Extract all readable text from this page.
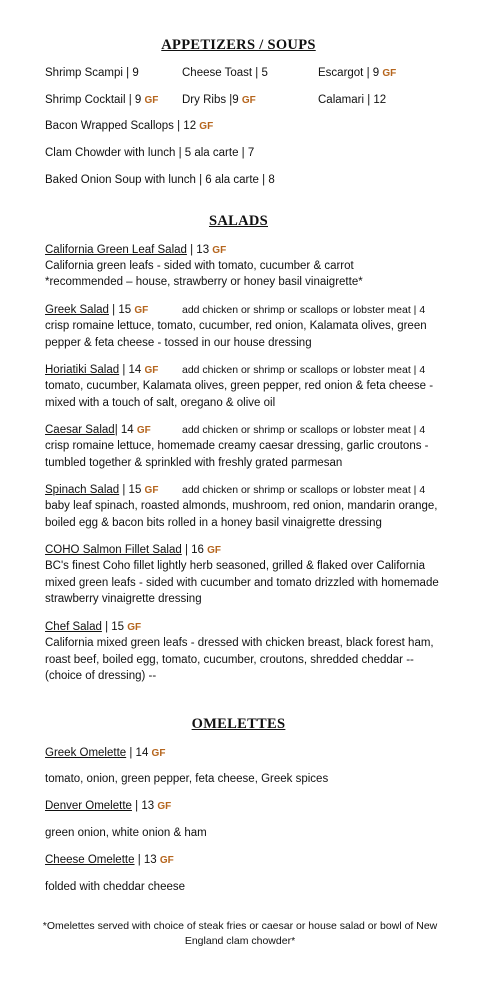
APPETIZERS / SOUPS
Shrimp Scampi | 9	Cheese Toast | 5	Escargot | 9 GF
Shrimp Cocktail | 9 GF Dry Ribs |9 GF	Calamari | 12
Bacon Wrapped Scallops | 12 GF
Clam Chowder with lunch | 5 ala carte | 7
Baked Onion Soup with lunch | 6 ala carte | 8
SALADS
California Green Leaf Salad | 13 GF
California green leafs - sided with tomato, cucumber & carrot
*recommended – house, strawberry or honey basil vinaigrette*
Greek Salad | 15 GF	add chicken or shrimp or scallops or lobster meat | 4
crisp romaine lettuce, tomato, cucumber, red onion, Kalamata olives, green pepper & feta cheese - tossed in our house dressing
Horiatiki Salad | 14 GF add chicken or shrimp or scallops or lobster meat | 4
tomato, cucumber, Kalamata olives, green pepper, red onion & feta cheese - mixed with a touch of salt, oregano & olive oil
Caesar Salad| 14 GF	add chicken or shrimp or scallops or lobster meat | 4
crisp romaine lettuce, homemade creamy caesar dressing, garlic croutons - tumbled together & sprinkled with freshly grated parmesan
Spinach Salad | 15 GF add chicken or shrimp or scallops or lobster meat | 4
baby leaf spinach, roasted almonds, mushroom, red onion, mandarin orange, boiled egg & bacon bits rolled in a honey basil vinaigrette dressing
COHO Salmon Fillet Salad | 16 GF
BC's finest Coho fillet lightly herb seasoned, grilled & flaked over California mixed green leafs - sided with cucumber and tomato drizzled with homemade strawberry vinaigrette dressing
Chef Salad | 15 GF
California mixed green leafs - dressed with chicken breast, black forest ham, roast beef, boiled egg, tomato, cucumber, croutons, shredded cheddar -- (choice of dressing) --
OMELETTES
Greek Omelette | 14 GF
tomato, onion, green pepper, feta cheese, Greek spices
Denver Omelette | 13 GF
green onion, white onion & ham
Cheese Omelette | 13 GF
folded with cheddar cheese
*Omelettes served with choice of steak fries or caesar or house salad or bowl of New England clam chowder*
